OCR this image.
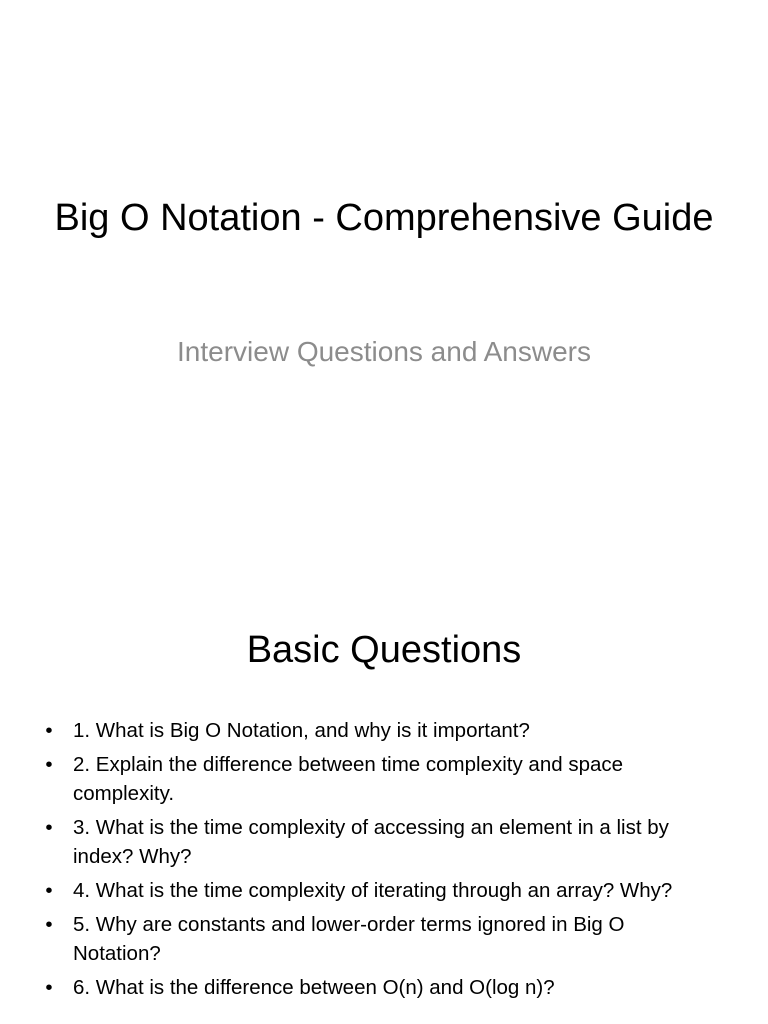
Big O Notation - Comprehensive Guide

Interview Questions and Answers

Basic Questions
• 1. What is Big O Notation, and why is it important?
• 2. Explain the difference between time complexity and space complexity.
• 3. What is the time complexity of accessing an element in a list by index? Why?
• 4. What is the time complexity of iterating through an array? Why?
• 5. Why are constants and lower-order terms ignored in Big O Notation?
• 6. What is the difference between O(n) and O(log n)?
